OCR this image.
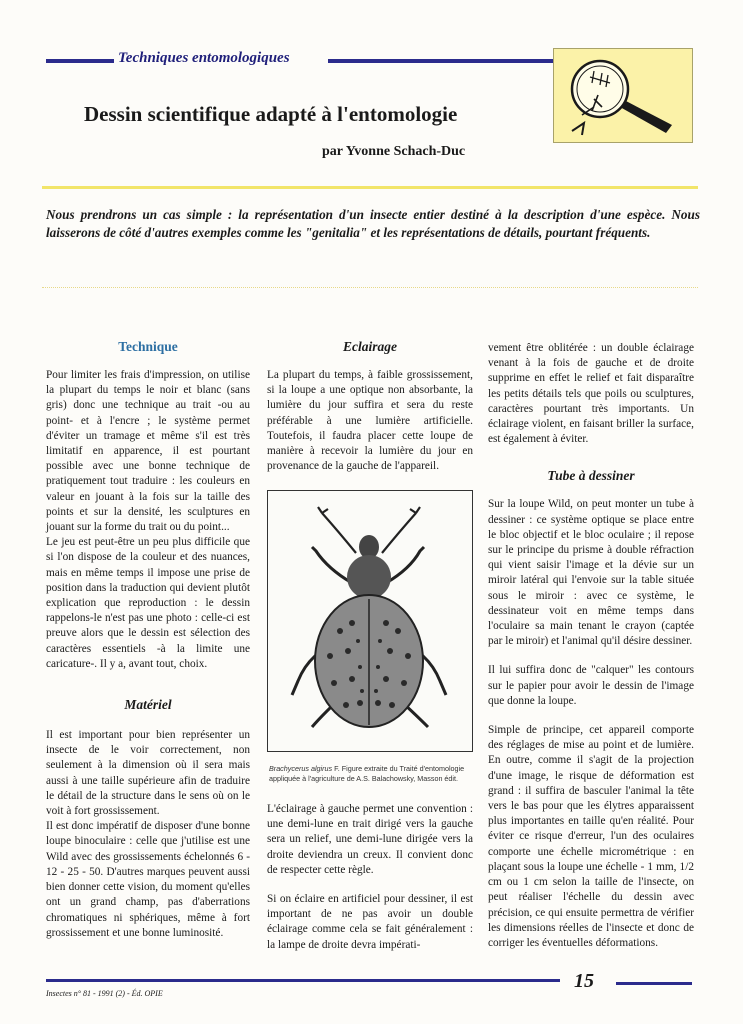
Techniques entomologiques
Dessin scientifique adapté à l'entomologie
par Yvonne Schach-Duc
Nous prendrons un cas simple : la représentation d'un insecte entier destiné à la description d'une espèce. Nous laisserons de côté d'autres exemples comme les "genitalia" et les représentations de détails, pourtant fréquents.
Technique

Pour limiter les frais d'impression, on utilise la plupart du temps le noir et blanc (sans gris) donc une technique au trait -ou au point- et à l'encre ; le système permet d'éviter un tramage et même s'il est très limitatif en apparence, il est pourtant possible avec une bonne technique de pratiquement tout traduire : les couleurs en valeur en jouant à la fois sur la taille des points et sur la densité, les sculptures en jouant sur la forme du trait ou du point...

Le jeu est peut-être un peu plus difficile que si l'on dispose de la couleur et des nuances, mais en même temps il impose une prise de position dans la traduction qui devient plutôt explication que reproduction : le dessin rappelons-le n'est pas une photo : celle-ci est preuve alors que le dessin est sélection des caractères essentiels -à la limite une caricature-. Il y a, avant tout, choix.

Matériel

Il est important pour bien représenter un insecte de le voir correctement, non seulement à la dimension où il sera mais aussi à une taille supérieure afin de traduire le détail de la structure dans le sens où on le voit à fort grossissement.

Il est donc impératif de disposer d'une bonne loupe binoculaire : celle que j'utilise est une Wild avec des grossissements échelonnés 6 - 12 - 25 - 50. D'autres marques peuvent aussi bien donner cette vision, du moment qu'elles ont un grand champ, pas d'aberrations chromatiques ni sphériques, même à fort grossissement et une bonne luminosité.

Eclairage

La plupart du temps, à faible grossissement, si la loupe a une optique non absorbante, la lumière du jour suffira et sera du reste préférable à une lumière artificielle. Toutefois, il faudra placer cette loupe de manière à recevoir la lumière du jour en provenance de la gauche de l'appareil.

Brachycerus algirus F. Figure extraite du Traité d'entomologie appliquée à l'agriculture de A.S. Balachowsky, Masson édit.

L'éclairage à gauche permet une convention : une demi-lune en trait dirigé vers la gauche sera un relief, une demi-lune dirigée vers la droite deviendra un creux. Il convient donc de respecter cette règle.

Si on éclaire en artificiel pour dessiner, il est important de ne pas avoir un double éclairage comme cela se fait généralement : la lampe de droite devra impérati-

vement être oblitérée : un double éclairage venant à la fois de gauche et de droite supprime en effet le relief et fait disparaître les petits détails tels que poils ou sculptures, caractères pourtant très importants. Un éclairage violent, en faisant briller la surface, est également à éviter.

Tube à dessiner

Sur la loupe Wild, on peut monter un tube à dessiner : ce système optique se place entre le bloc objectif et le bloc oculaire ; il repose sur le principe du prisme à double réfraction qui vient saisir l'image et la dévie sur un miroir latéral qui l'envoie sur la table située sous le miroir : avec ce système, le dessinateur voit en même temps dans l'oculaire sa main tenant le crayon (captée par le miroir) et l'animal qu'il désire dessiner.

Il lui suffira donc de "calquer" les contours sur le papier pour avoir le dessin de l'image que donne la loupe.

Simple de principe, cet appareil comporte des réglages de mise au point et de lumière. En outre, comme il s'agit de la projection d'une image, le risque de déformation est grand : il suffira de basculer l'animal la tête vers le bas pour que les élytres apparaissent plus importantes en taille qu'en réalité. Pour éviter ce risque d'erreur, l'un des oculaires comporte une échelle micrométrique : en plaçant sous la loupe une échelle - 1 mm, 1/2 cm ou 1 cm selon la taille de l'insecte, on peut réaliser l'échelle du dessin avec précision, ce qui ensuite permettra de vérifier les dimensions réelles de l'insecte et donc de corriger les éventuelles déformations.

15
Insectes n° 81 - 1991 (2) - Éd. OPIE
